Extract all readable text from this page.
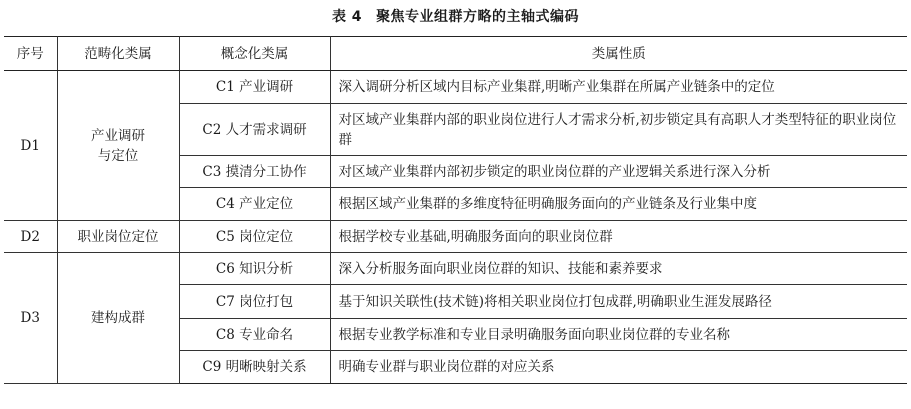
表 4 聚焦专业组群方略的主轴式编码
序号	范畴化类属	概念化类属	类属性质
D1	产业调研与定位	C1 产业调研	深入调研分析区域内目标产业集群,明晰产业集群在所属产业链条中的定位
		C2 人才需求调研	对区域产业集群内部的职业岗位进行人才需求分析,初步锁定具有高职人才类型特征的职业岗位群
		C3 摸清分工协作	对区域产业集群内部初步锁定的职业岗位群的产业逻辑关系进行深入分析
		C4 产业定位	根据区域产业集群的多维度特征明确服务面向的产业链条及行业集中度
D2	职业岗位定位	C5 岗位定位	根据学校专业基础,明确服务面向的职业岗位群
D3	建构成群	C6 知识分析	深入分析服务面向职业岗位群的知识、技能和素养要求
		C7 岗位打包	基于知识关联性(技术链)将相关职业岗位打包成群,明确职业生涯发展路径
		C8 专业命名	根据专业教学标准和专业目录明确服务面向职业岗位群的专业名称
		C9 明晰映射关系	明确专业群与职业岗位群的对应关系
